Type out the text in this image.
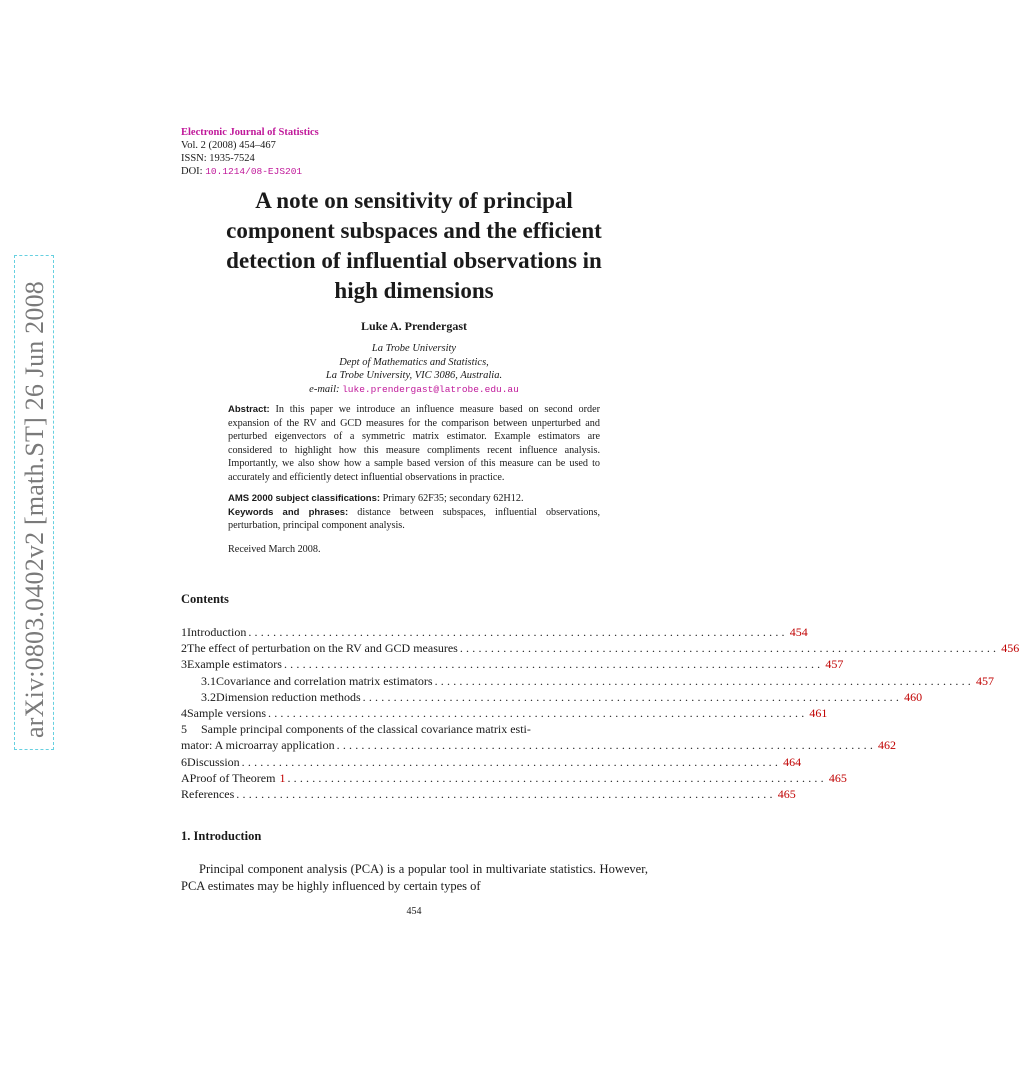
arXiv:0803.0402v2 [math.ST] 26 Jun 2008
Electronic Journal of Statistics
Vol. 2 (2008) 454–467
ISSN: 1935-7524
DOI: 10.1214/08-EJS201
A note on sensitivity of principal
component subspaces and the efficient
detection of influential observations in
high dimensions
Luke A. Prendergast
La Trobe University
Dept of Mathematics and Statistics,
La Trobe University, VIC 3086, Australia.
e-mail: luke.prendergast@latrobe.edu.au
Abstract: In this paper we introduce an influence measure based on second order expansion of the RV and GCD measures for the comparison between unperturbed and perturbed eigenvectors of a symmetric matrix estimator. Example estimators are considered to highlight how this measure compliments recent influence analysis. Importantly, we also show how a sample based version of this measure can be used to accurately and efficiently detect influential observations in practice.
AMS 2000 subject classifications: Primary 62F35; secondary 62H12.
Keywords and phrases: distance between subspaces, influential observations, perturbation, principal component analysis.
Received March 2008.
Contents
1 Introduction ....................................................................................... 454
2 The effect of perturbation on the RV and GCD measures ....................................................................................... 456
3 Example estimators ....................................................................................... 457
3.1 Covariance and correlation matrix estimators ....................................................................................... 457
3.2 Dimension reduction methods ....................................................................................... 460
4 Sample versions ....................................................................................... 461
5	Sample principal components of the classical covariance matrix esti-
mator: A microarray application ....................................................................................... 462
6 Discussion ....................................................................................... 464
A Proof of Theorem 1 ....................................................................................... 465
References ....................................................................................... 465
1. Introduction
Principal component analysis (PCA) is a popular tool in multivariate statistics. However, PCA estimates may be highly influenced by certain types of
454
